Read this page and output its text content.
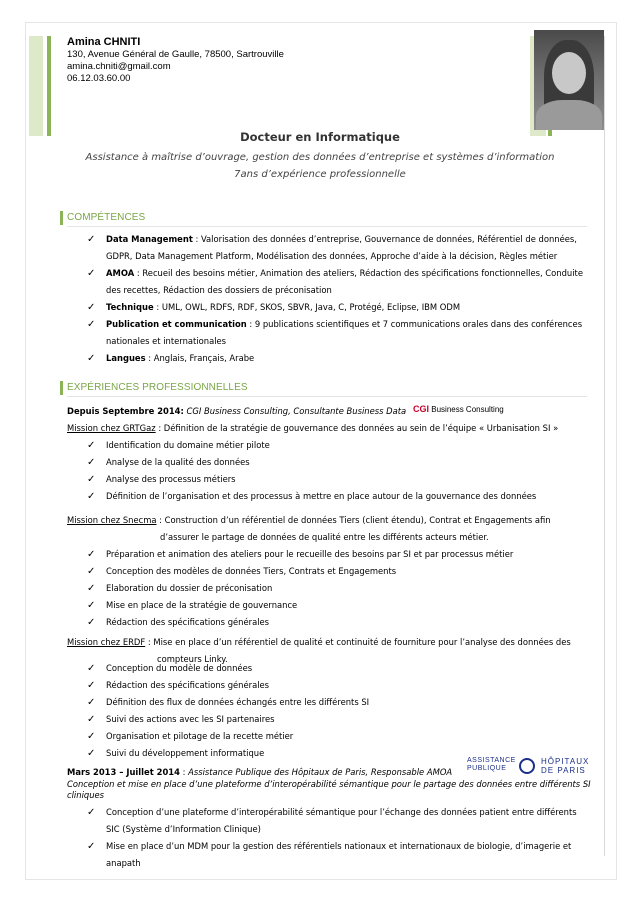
Amina CHNITI
130, Avenue Général de Gaulle, 78500, Sartrouville
amina.chniti@gmail.com
06.12.03.60.00
Docteur en Informatique
Assistance à maîtrise d’ouvrage, gestion des données d’entreprise et systèmes d’information
7ans d’expérience professionnelle
COMPÉTENCES
✓ Data Management : Valorisation des données d’entreprise, Gouvernance de données, Référentiel de données,
GDPR, Data Management Platform, Modélisation des données, Approche d’aide à la décision, Règles métier
✓ AMOA : Recueil des besoins métier, Animation des ateliers, Rédaction des spécifications fonctionnelles, Conduite
des recettes, Rédaction des dossiers de préconisation
✓ Technique : UML, OWL, RDFS, RDF, SKOS, SBVR, Java, C, Protégé, Eclipse, IBM ODM
✓ Publication et communication : 9 publications scientifiques et 7 communications orales dans des conférences
nationales et internationales
✓ Langues : Anglais, Français, Arabe
EXPÉRIENCES PROFESSIONNELLES
Depuis Septembre 2014: CGI Business Consulting, Consultante Business Data CGI Business Consulting
Mission chez GRTGaz : Définition de la stratégie de gouvernance des données au sein de l’équipe « Urbanisation SI »
✓ Identification du domaine métier pilote
✓ Analyse de la qualité des données
✓ Analyse des processus métiers
✓ Définition de l’organisation et des processus à mettre en place autour de la gouvernance des données
Mission chez Snecma : Construction d’un référentiel de données Tiers (client étendu), Contrat et Engagements afin
d’assurer le partage de données de qualité entre les différents acteurs métier.
✓ Préparation et animation des ateliers pour le recueille des besoins par SI et par processus métier
✓ Conception des modèles de données Tiers, Contrats et Engagements
✓ Elaboration du dossier de préconisation
✓ Mise en place de la stratégie de gouvernance
✓ Rédaction des spécifications générales
Mission chez ERDF : Mise en place d’un référentiel de qualité et continuité de fourniture pour l’analyse des données des
compteurs Linky.
✓ Conception du modèle de données
✓ Rédaction des spécifications générales
✓ Définition des flux de données échangés entre les différents SI
✓ Suivi des actions avec les SI partenaires
✓ Organisation et pilotage de la recette métier
✓ Suivi du développement informatique
Mars 2013 – Juillet 2014 : Assistance Publique des Hôpitaux de Paris, Responsable AMOA
ASSISTANCE
PUBLIQUE
HÔPITAUX
DE PARIS
Conception et mise en place d’une plateforme d’interopérabilité sémantique pour le partage des données entre différents SI cliniques
✓ Conception d’une plateforme d’interopérabilité sémantique pour l’échange des données patient entre différents
SIC (Système d’Information Clinique)
✓ Mise en place d’un MDM pour la gestion des référentiels nationaux et internationaux de biologie, d’imagerie et
anapath
